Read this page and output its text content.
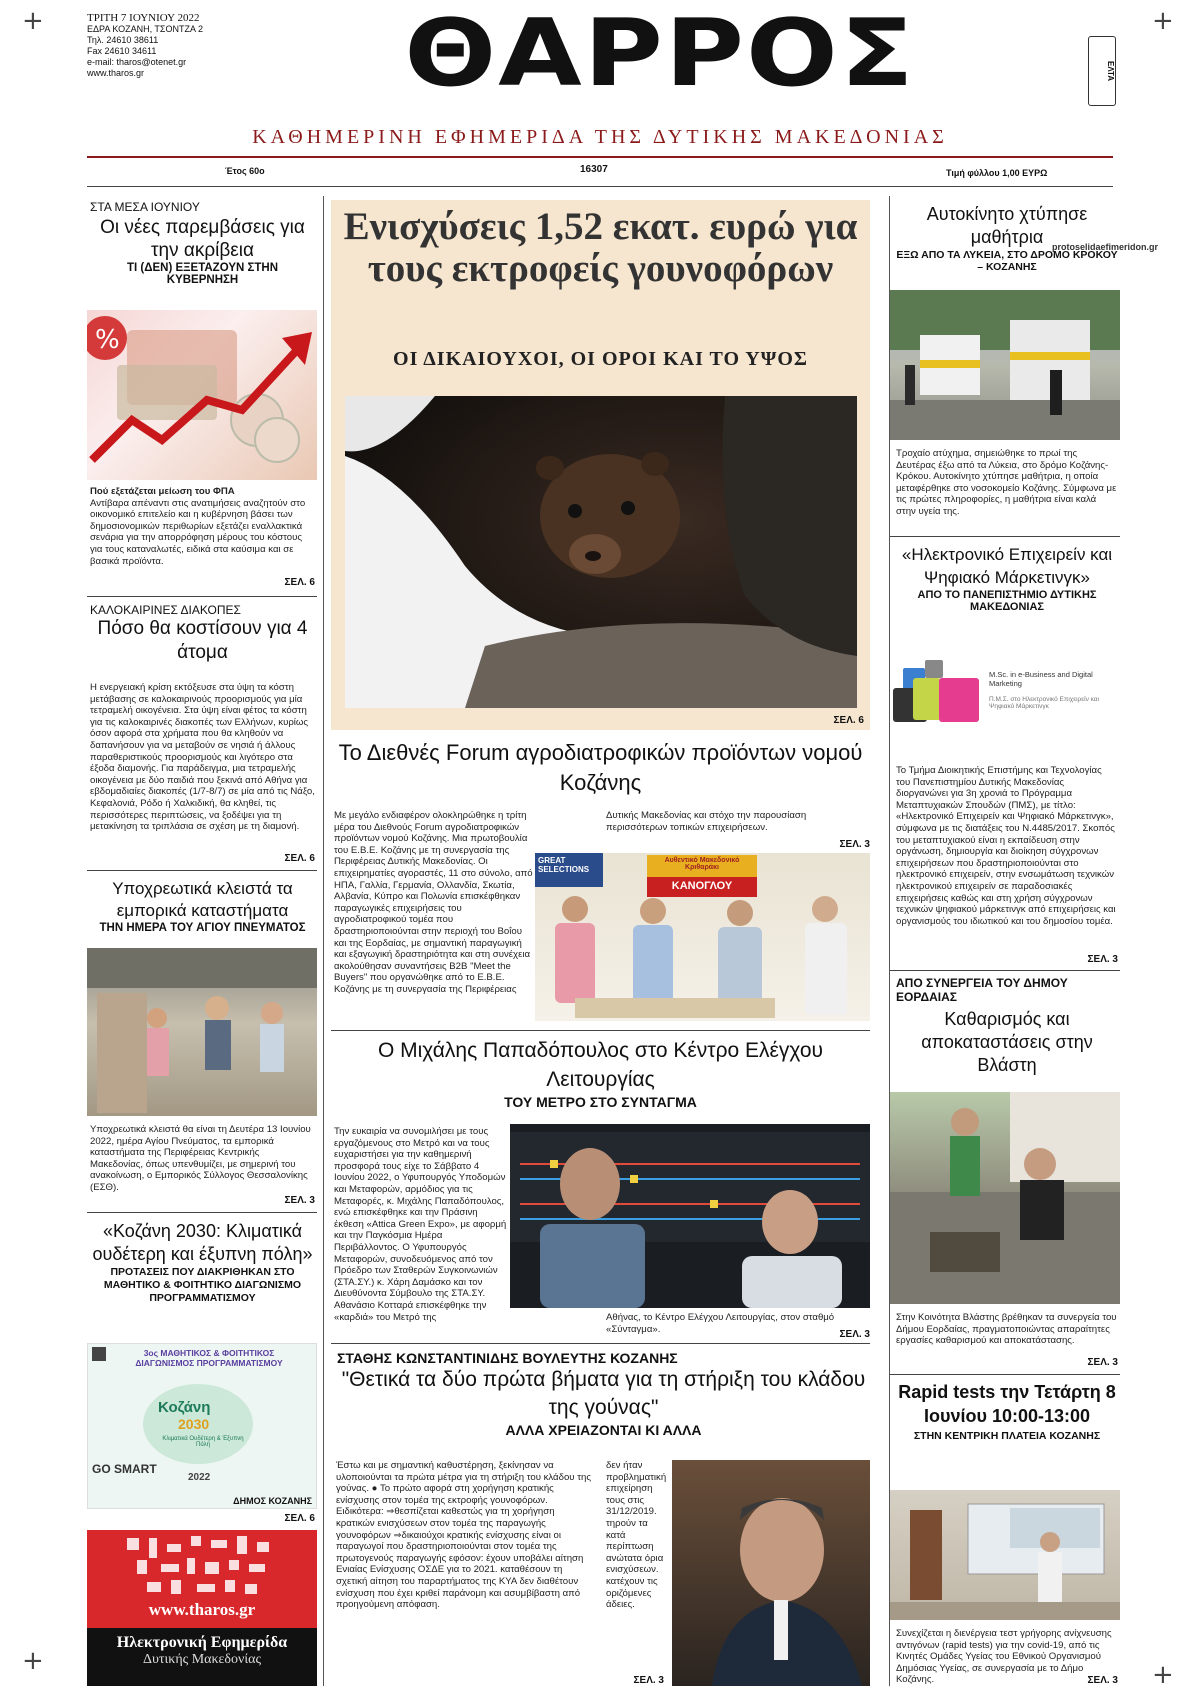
+	+
+	+
ΤΡΙΤΗ 7 ΙΟΥΝΙΟΥ 2022
ΕΔΡΑ ΚΟΖΑΝΗ, ΤΣΟΝΤΖΑ 2
Τηλ. 24610 38611
Fax 24610 34611
e-mail: tharos@otenet.gr
www.tharos.gr	ΘΑΡΡΟΣ	ΕΛΤΑ
ΚΑΘΗΜΕΡΙΝΗ ΕΦΗΜΕΡΙΔΑ ΤΗΣ ΔΥΤΙΚΗΣ ΜΑΚΕΔΟΝΙΑΣ
Έτος 60ο	16307	Τιμή φύλλου 1,00 ΕΥΡΩ
ΣΤΑ ΜΕΣΑ ΙΟΥΝΙΟΥ
Οι νέες παρεμβάσεις για την ακρίβεια
ΤΙ (ΔΕΝ) ΕΞΕΤΑΖΟΥΝ ΣΤΗΝ ΚΥΒΕΡΝΗΣΗ
%
Πού εξετάζεται μείωση του ΦΠΑ
Αντίβαρα απέναντι στις ανατιμήσεις αναζητούν στο οικονομικό επιτελείο και η κυβέρνηση βάσει των δημοσιονομικών περιθωρίων εξετάζει εναλλακτικά σενάρια για την απορρόφηση μέρους του κόστους για τους καταναλωτές, ειδικά στα καύσιμα και σε βασικά προϊόντα.
ΣΕΛ. 6
ΚΑΛΟΚΑΙΡΙΝΕΣ ΔΙΑΚΟΠΕΣ
Πόσο θα κοστίσουν για 4 άτομα
Η ενεργειακή κρίση εκτόξευσε στα ύψη τα κόστη μετάβασης σε καλοκαιρινούς προορισμούς για μία τετραμελή οικογένεια. Στα ύψη είναι φέτος τα κόστη για τις καλοκαιρινές διακοπές των Ελλήνων, κυρίως όσον αφορά στα χρήματα που θα κληθούν να δαπανήσουν για να μεταβούν σε νησιά ή άλλους παραθεριστικούς προορισμούς και λιγότερο στα έξοδα διαμονής. Για παράδειγμα, μια τετραμελής οικογένεια με δύο παιδιά που ξεκινά από Αθήνα για εβδομαδιαίες διακοπές (1/7-8/7) σε μία από τις Νάξο, Κεφαλονιά, Ρόδο ή Χαλκιδική, θα κληθεί, τις περισσότερες περιπτώσεις, να ξοδέψει για τη μετακίνηση τα τριπλάσια σε σχέση με τη διαμονή.
ΣΕΛ. 6
Υποχρεωτικά κλειστά τα εμπορικά καταστήματα
ΤΗΝ ΗΜΕΡΑ ΤΟΥ ΑΓΙΟΥ ΠΝΕΥΜΑΤΟΣ
Υποχρεωτικά κλειστά θα είναι τη Δευτέρα 13 Ιουνίου 2022, ημέρα Αγίου Πνεύματος, τα εμπορικά καταστήματα της Περιφέρειας Κεντρικής Μακεδονίας, όπως υπενθυμίζει, με σημερινή του ανακοίνωση, ο Εμπορικός Σύλλογος Θεσσαλονίκης (ΕΣΘ).
ΣΕΛ. 3
«Κοζάνη 2030: Κλιματικά ουδέτερη και έξυπνη πόλη»
ΠΡΟΤΑΣΕΙΣ ΠΟΥ ΔΙΑΚΡΙΘΗΚΑΝ ΣΤΟ ΜΑΘΗΤΙΚΟ & ΦΟΙΤΗΤΙΚΟ ΔΙΑΓΩΝΙΣΜΟ ΠΡΟΓΡΑΜΜΑΤΙΣΜΟΥ
3ος ΜΑΘΗΤΙΚΟΣ & ΦΟΙΤΗΤΙΚΟΣ ΔΙΑΓΩΝΙΣΜΟΣ ΠΡΟΓΡΑΜΜΑΤΙΣΜΟΥ
Κοζάνη
2030
Κλιματικά Ουδέτερη & Έξυπνη Πόλη
GO SMART
2022
ΔΗΜΟΣ ΚΟΖΑΝΗΣ
ΣΕΛ. 6
www.tharos.gr
Ηλεκτρονική Εφημερίδα
Δυτικής Μακεδονίας
Ενισχύσεις 1,52 εκατ. ευρώ για τους εκτροφείς γουνοφόρων
ΟΙ ΔΙΚΑΙΟΥΧΟΙ, ΟΙ ΟΡΟΙ ΚΑΙ ΤΟ ΥΨΟΣ
ΣΕΛ. 6
Το Διεθνές Forum αγροδιατροφικών προϊόντων νομού Κοζάνης
Με μεγάλο ενδιαφέρον ολοκληρώθηκε η τρίτη μέρα του Διεθνούς Forum αγροδιατροφικών προϊόντων νομού Κοζάνης. Μια πρωτοβουλία του Ε.Β.Ε. Κοζάνης με τη συνεργασία της Περιφέρειας Δυτικής Μακεδονίας. Οι επιχειρηματίες αγοραστές, 11 στο σύνολο, από ΗΠΑ, Γαλλία, Γερμανία, Ολλανδία, Σκωτία, Αλβανία, Κύπρο και Πολωνία επισκέφθηκαν παραγωγικές επιχειρήσεις του αγροδιατροφικού τομέα που δραστηριοποιούνται στην περιοχή του Βοΐου και της Εορδαίας, με σημαντική παραγωγική και εξαγωγική δραστηριότητα και στη συνέχεια ακολούθησαν συναντήσεις B2B "Meet the Buyers" που οργανώθηκε από το Ε.Β.Ε. Κοζάνης με τη συνεργασία της Περιφέρειας
Δυτικής Μακεδονίας και στόχο την παρουσίαση περισσότερων τοπικών επιχειρήσεων.
ΣΕΛ. 3
GREAT SELECTIONS
Αυθεντικό Μακεδονικό Κριθαράκι
ΚΑΝΟΓΛΟΥ
Ο Μιχάλης Παπαδόπουλος στο Κέντρο Ελέγχου Λειτουργίας
ΤΟΥ ΜΕΤΡΟ ΣΤΟ ΣΥΝΤΑΓΜΑ
Την ευκαιρία να συνομιλήσει με τους εργαζόμενους στο Μετρό και να τους ευχαριστήσει για την καθημερινή προσφορά τους είχε το Σάββατο 4 Ιουνίου 2022, ο Υφυπουργός Υποδομών και Μεταφορών, αρμόδιος για τις Μεταφορές, κ. Μιχάλης Παπαδόπουλος, ενώ επισκέφθηκε και την Πράσινη έκθεση «Attica Green Expo», με αφορμή και την Παγκόσμια Ημέρα Περιβάλλοντος. Ο Υφυπουργός Μεταφορών, συνοδευόμενος από τον Πρόεδρο των Σταθερών Συγκοινωνιών (ΣΤΑ.ΣΥ.) κ. Χάρη Δαμάσκο και τον Διευθύνοντα Σύμβουλο της ΣΤΑ.ΣΥ. Αθανάσιο Κοτταρά επισκέφθηκε την «καρδιά» του Μετρό της	Αθήνας, το Κέντρο Ελέγχου Λειτουργίας, στον σταθμό «Σύνταγμα».	ΣΕΛ. 3
ΣΤΑΘΗΣ ΚΩΝΣΤΑΝΤΙΝΙΔΗΣ ΒΟΥΛΕΥΤΗΣ ΚΟΖΑΝΗΣ
"Θετικά τα δύο πρώτα βήματα για τη στήριξη του κλάδου της γούνας"
ΑΛΛΑ ΧΡΕΙΑΖΟΝΤΑΙ ΚΙ ΑΛΛΑ
Έστω και με σημαντική καθυστέρηση, ξεκίνησαν να υλοποιούνται τα πρώτα μέτρα για τη στήριξη του κλάδου της γούνας. ● Το πρώτο αφορά στη χορήγηση κρατικής ενίσχυσης στον τομέα της εκτροφής γουνοφόρων. Ειδικότερα: ⇒θεσπίζεται καθεστώς για τη χορήγηση κρατικών ενισχύσεων στον τομέα της παραγωγής γουνοφόρων ⇒δικαιούχοι κρατικής ενίσχυσης είναι οι παραγωγοί που δραστηριοποιούνται στον τομέα της πρωτογενούς παραγωγής εφόσον: έχουν υποβάλει αίτηση Ενιαίας Ενίσχυσης ΟΣΔΕ για το 2021. καταθέσουν τη σχετική αίτηση του παραρτήματος της ΚΥΑ δεν διαθέτουν ενίσχυση που έχει κριθεί παράνομη και ασυμβίβαστη από προηγούμενη απόφαση.
δεν ήταν προβληματική επιχείρηση τους στις 31/12/2019. τηρούν τα κατά περίπτωση ανώτατα όρια ενισχύσεων. κατέχουν τις οριζόμενες άδειες.
ΣΕΛ. 3
Αυτοκίνητο χτύπησε μαθήτρια
ΕΞΩ ΑΠΟ ΤΑ ΛΥΚΕΙΑ, ΣΤΟ ΔΡΟΜΟ ΚΡΟΚΟΥ – ΚΟΖΑΝΗΣ
protoselidaefimeridon.gr
Τροχαίο ατύχημα, σημειώθηκε το πρωί της Δευτέρας έξω από τα Λύκεια, στο δρόμο Κοζάνης-Κρόκου. Αυτοκίνητο χτύπησε μαθήτρια, η οποία μεταφέρθηκε στο νοσοκομείο Κοζάνης. Σύμφωνα με τις πρώτες πληροφορίες, η μαθήτρια είναι καλά στην υγεία της.
«Ηλεκτρονικό Επιχειρείν και Ψηφιακό Μάρκετινγκ»
ΑΠΟ ΤΟ ΠΑΝΕΠΙΣΤΗΜΙΟ ΔΥΤΙΚΗΣ ΜΑΚΕΔΟΝΙΑΣ
M.Sc. in e-Business and Digital Marketing
Π.Μ.Σ. στο Ηλεκτρονικό Επιχειρείν και Ψηφιακό Μάρκετινγκ
Το Τμήμα Διοικητικής Επιστήμης και Τεχνολογίας του Πανεπιστημίου Δυτικής Μακεδονίας διοργανώνει για 3η χρονιά το Πρόγραμμα Μεταπτυχιακών Σπουδών (ΠΜΣ), με τίτλο: «Ηλεκτρονικό Επιχειρείν και Ψηφιακό Μάρκετινγκ», σύμφωνα με τις διατάξεις του Ν.4485/2017. Σκοπός του μεταπτυχιακού είναι η εκπαίδευση στην οργάνωση, δημιουργία και διοίκηση σύγχρονων επιχειρήσεων που δραστηριοποιούνται στο ηλεκτρονικό επιχειρείν, στην ενσωμάτωση τεχνικών ηλεκτρονικού επιχειρείν σε παραδοσιακές επιχειρήσεις καθώς και στη χρήση σύγχρονων τεχνικών ψηφιακού μάρκετινγκ από επιχειρήσεις και οργανισμούς του ιδιωτικού και του δημοσίου τομέα.
ΣΕΛ. 3
ΑΠΟ ΣΥΝΕΡΓΕΙΑ ΤΟΥ ΔΗΜΟΥ ΕΟΡΔΑΙΑΣ
Καθαρισμός και αποκαταστάσεις στην Βλάστη
Στην Κοινότητα Βλάστης βρέθηκαν τα συνεργεία του Δήμου Εορδαίας, πραγματοποιώντας απαραίτητες εργασίες καθαρισμού και αποκατάστασης.
ΣΕΛ. 3
Rapid tests την Τετάρτη 8 Ιουνίου 10:00-13:00
ΣΤΗΝ ΚΕΝΤΡΙΚΗ ΠΛΑΤΕΙΑ ΚΟΖΑΝΗΣ
Συνεχίζεται η διενέργεια τεστ γρήγορης ανίχνευσης αντιγόνων (rapid tests) για την covid-19, από τις Κινητές Ομάδες Υγείας του Εθνικού Οργανισμού Δημόσιας Υγείας, σε συνεργασία με το Δήμο Κοζάνης.	ΣΕΛ. 3
